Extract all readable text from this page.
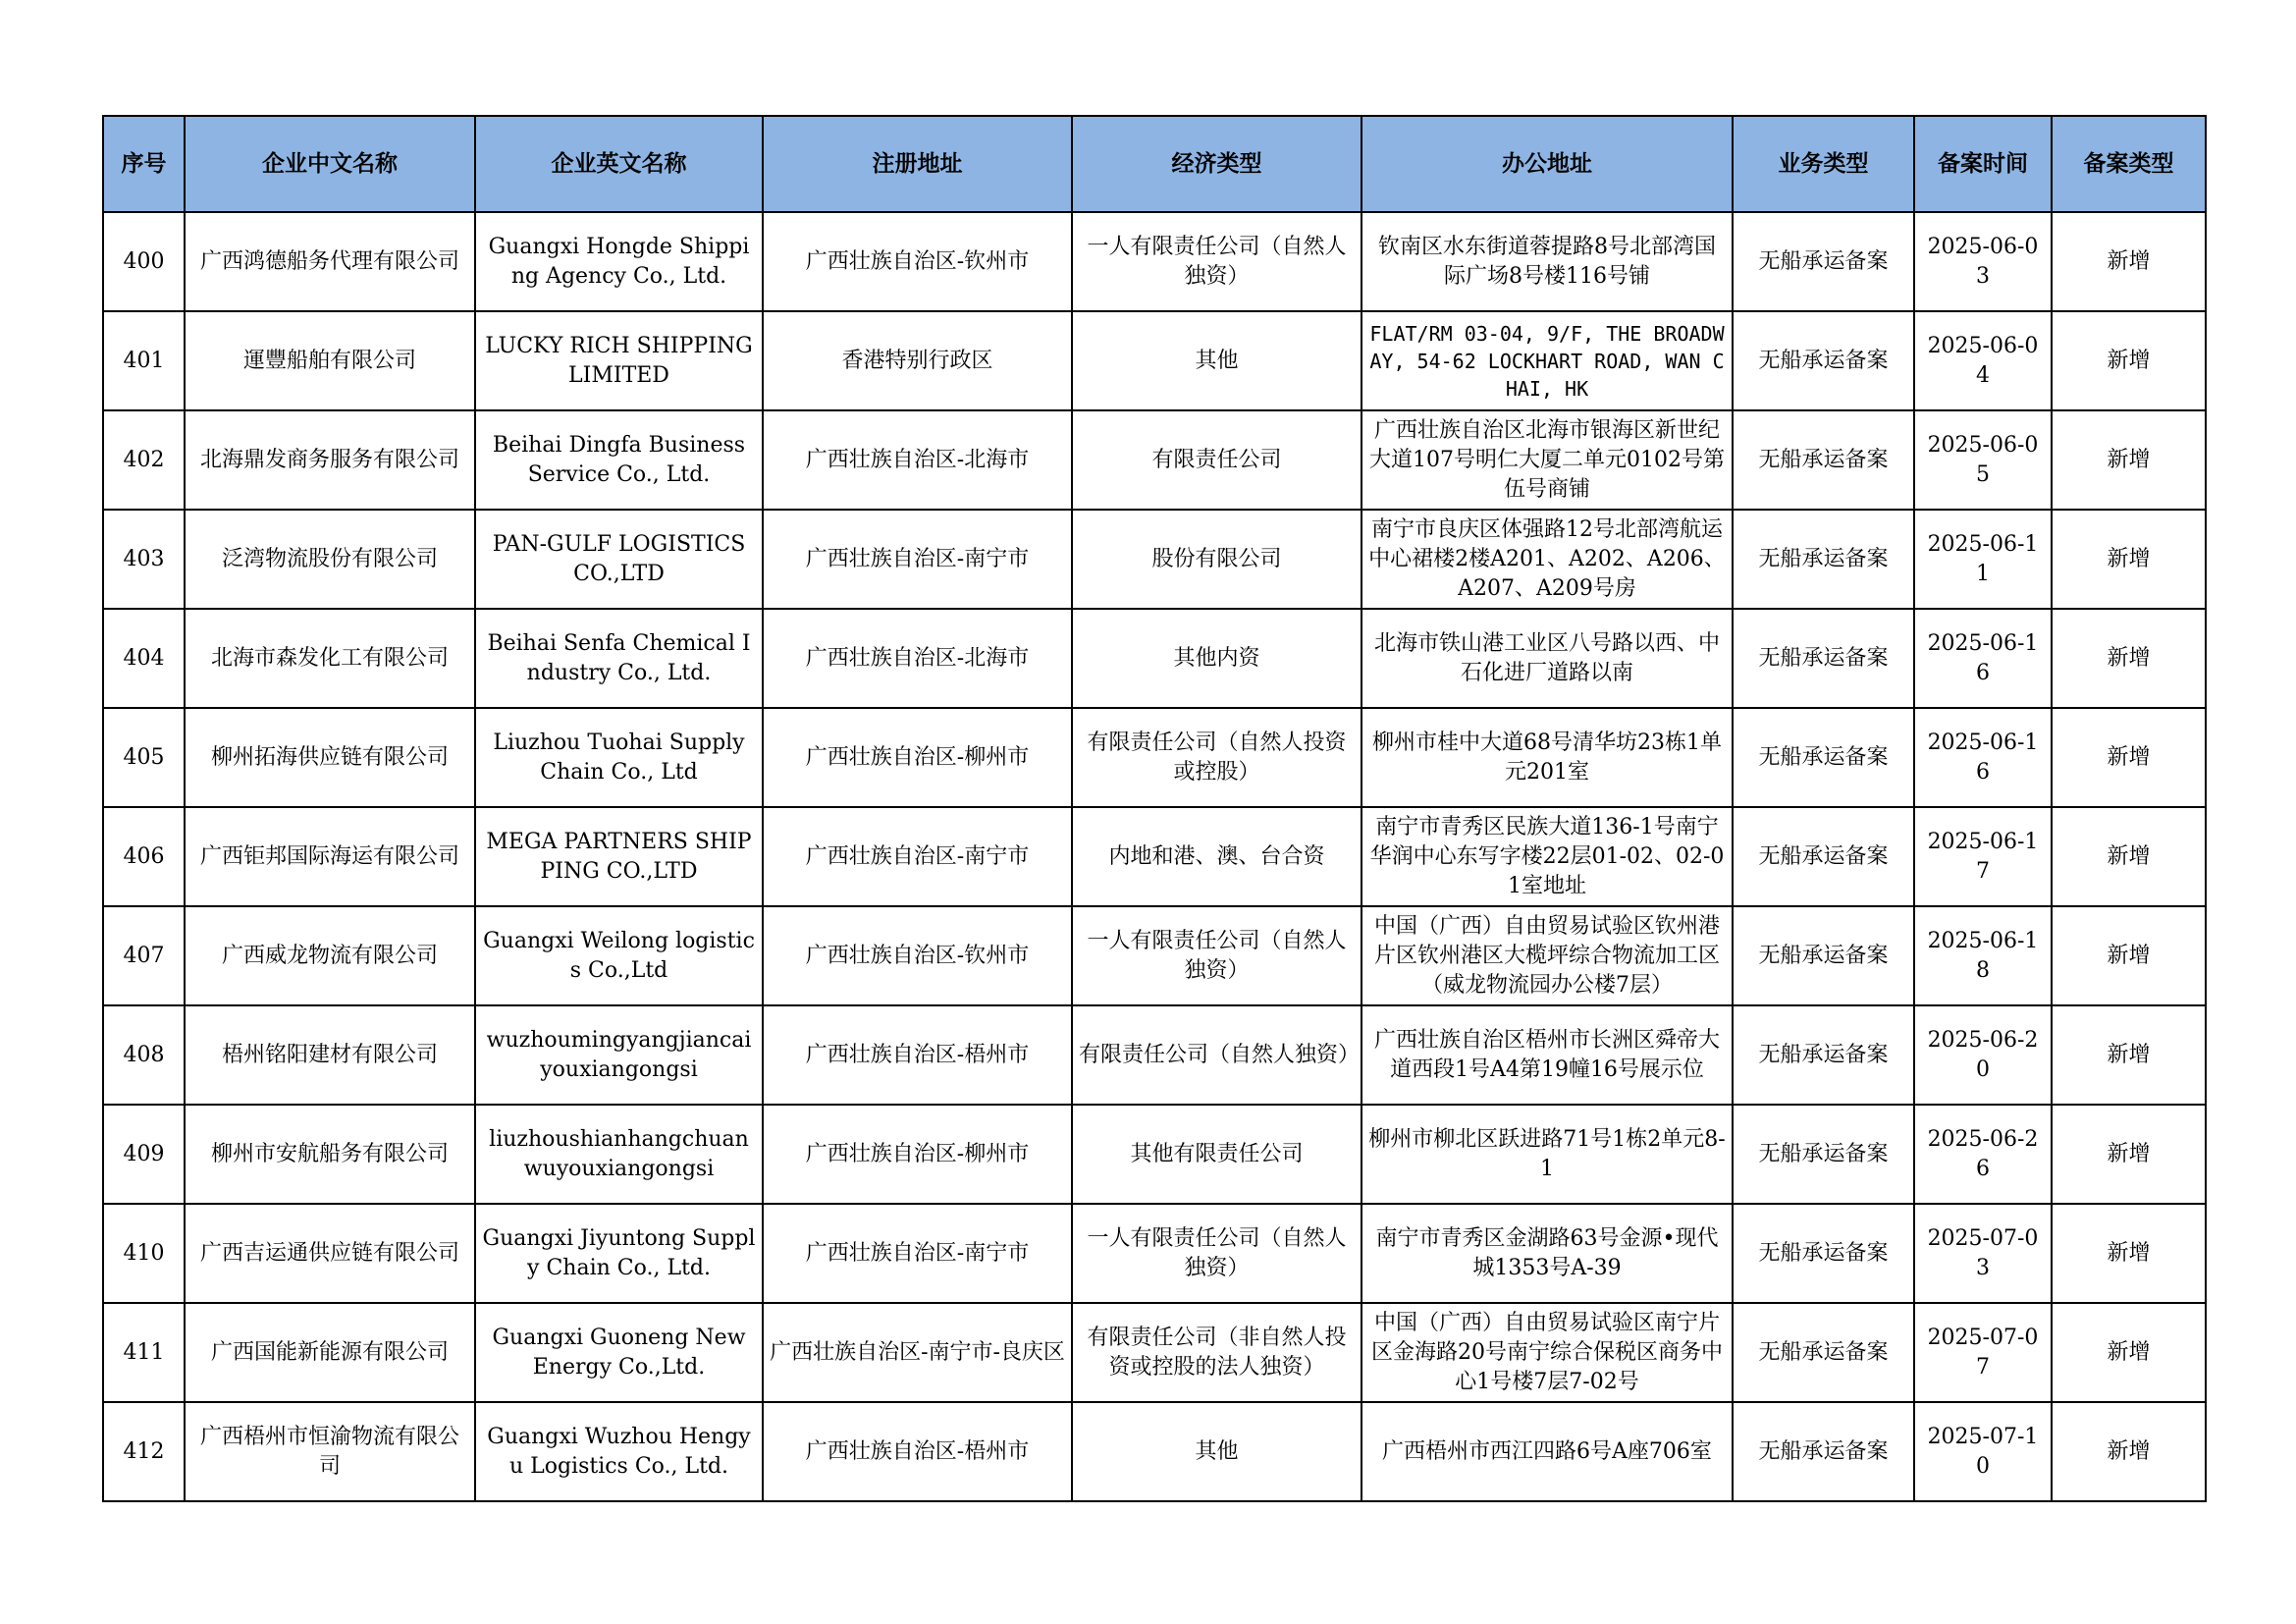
序号	企业中文名称	企业英文名称	注册地址	经济类型	办公地址	业务类型	备案时间	备案类型
400	广西鸿德船务代理有限公司	Guangxi Hongde Shipping Agency Co., Ltd.	广西壮族自治区-钦州市	一人有限责任公司（自然人独资）	钦南区水东街道蓉提路8号北部湾国际广场8号楼116号铺	无船承运备案	2025-06-03	新增
401	運豐船舶有限公司	LUCKY RICH SHIPPING LIMITED	香港特别行政区	其他	FLAT/RM 03-04, 9/F, THE BROADWAY, 54-62 LOCKHART ROAD, WAN CHAI, HK	无船承运备案	2025-06-04	新增
402	北海鼎发商务服务有限公司	Beihai Dingfa Business Service Co., Ltd.	广西壮族自治区-北海市	有限责任公司	广西壮族自治区北海市银海区新世纪大道107号明仁大厦二单元0102号第伍号商铺	无船承运备案	2025-06-05	新增
403	泛湾物流股份有限公司	PAN-GULF LOGISTICS CO.,LTD	广西壮族自治区-南宁市	股份有限公司	南宁市良庆区体强路12号北部湾航运中心裙楼2楼A201、A202、A206、A207、A209号房	无船承运备案	2025-06-11	新增
404	北海市森发化工有限公司	Beihai Senfa Chemical Industry Co., Ltd.	广西壮族自治区-北海市	其他内资	北海市铁山港工业区八号路以西、中石化进厂道路以南	无船承运备案	2025-06-16	新增
405	柳州拓海供应链有限公司	Liuzhou Tuohai Supply Chain Co., Ltd	广西壮族自治区-柳州市	有限责任公司（自然人投资或控股）	柳州市桂中大道68号清华坊23栋1单元201室	无船承运备案	2025-06-16	新增
406	广西钜邦国际海运有限公司	MEGA PARTNERS SHIPPING CO.,LTD	广西壮族自治区-南宁市	内地和港、澳、台合资	南宁市青秀区民族大道136-1号南宁华润中心东写字楼22层01-02、02-01室地址	无船承运备案	2025-06-17	新增
407	广西威龙物流有限公司	Guangxi Weilong logistics Co.,Ltd	广西壮族自治区-钦州市	一人有限责任公司（自然人独资）	中国（广西）自由贸易试验区钦州港片区钦州港区大榄坪综合物流加工区（威龙物流园办公楼7层）	无船承运备案	2025-06-18	新增
408	梧州铭阳建材有限公司	wuzhoumingyangjiancaiyouxiangongsi	广西壮族自治区-梧州市	有限责任公司（自然人独资）	广西壮族自治区梧州市长洲区舜帝大道西段1号A4第19幢16号展示位	无船承运备案	2025-06-20	新增
409	柳州市安航船务有限公司	liuzhoushianhangchuanwuyouxiangongsi	广西壮族自治区-柳州市	其他有限责任公司	柳州市柳北区跃进路71号1栋2单元8-1	无船承运备案	2025-06-26	新增
410	广西吉运通供应链有限公司	Guangxi Jiyuntong Supply Chain Co., Ltd.	广西壮族自治区-南宁市	一人有限责任公司（自然人独资）	南宁市青秀区金湖路63号金源•现代城1353号A-39	无船承运备案	2025-07-03	新增
411	广西国能新能源有限公司	Guangxi Guoneng New Energy Co.,Ltd.	广西壮族自治区-南宁市-良庆区	有限责任公司（非自然人投资或控股的法人独资）	中国（广西）自由贸易试验区南宁片区金海路20号南宁综合保税区商务中心1号楼7层7-02号	无船承运备案	2025-07-07	新增
412	广西梧州市恒渝物流有限公司	Guangxi Wuzhou Hengyu Logistics Co., Ltd.	广西壮族自治区-梧州市	其他	广西梧州市西江四路6号A座706室	无船承运备案	2025-07-10	新增
